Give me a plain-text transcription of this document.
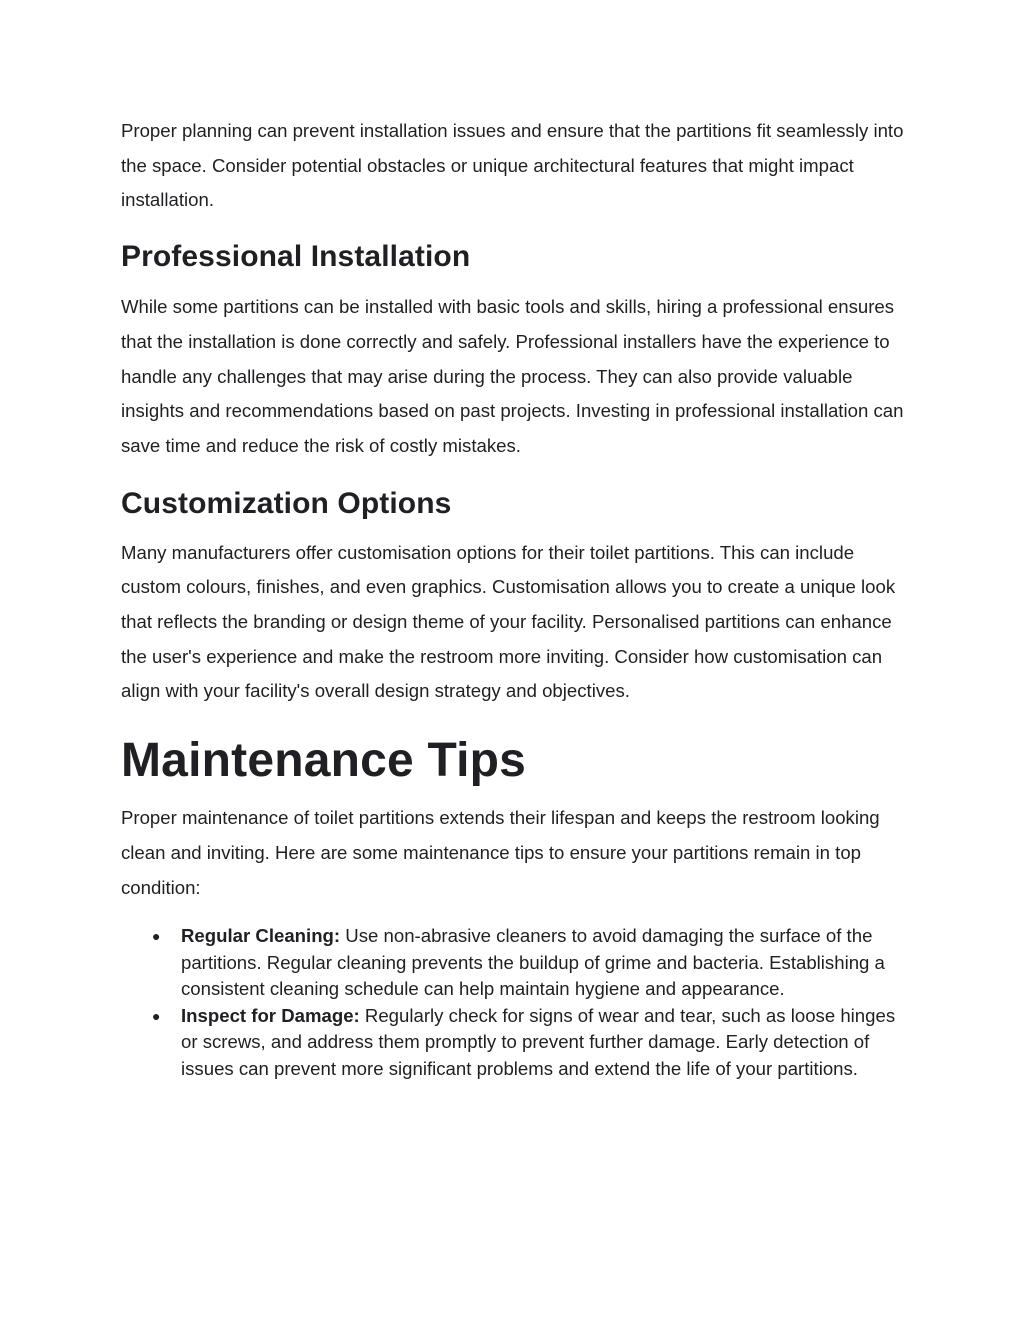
Proper planning can prevent installation issues and ensure that the partitions fit seamlessly into the space. Consider potential obstacles or unique architectural features that might impact installation.

Professional Installation

While some partitions can be installed with basic tools and skills, hiring a professional ensures that the installation is done correctly and safely. Professional installers have the experience to handle any challenges that may arise during the process. They can also provide valuable insights and recommendations based on past projects. Investing in professional installation can save time and reduce the risk of costly mistakes.

Customization Options

Many manufacturers offer customisation options for their toilet partitions. This can include custom colours, finishes, and even graphics. Customisation allows you to create a unique look that reflects the branding or design theme of your facility. Personalised partitions can enhance the user's experience and make the restroom more inviting. Consider how customisation can align with your facility's overall design strategy and objectives.

Maintenance Tips

Proper maintenance of toilet partitions extends their lifespan and keeps the restroom looking clean and inviting. Here are some maintenance tips to ensure your partitions remain in top condition:

● Regular Cleaning: Use non-abrasive cleaners to avoid damaging the surface of the partitions. Regular cleaning prevents the buildup of grime and bacteria. Establishing a consistent cleaning schedule can help maintain hygiene and appearance.
● Inspect for Damage: Regularly check for signs of wear and tear, such as loose hinges or screws, and address them promptly to prevent further damage. Early detection of issues can prevent more significant problems and extend the life of your partitions.
